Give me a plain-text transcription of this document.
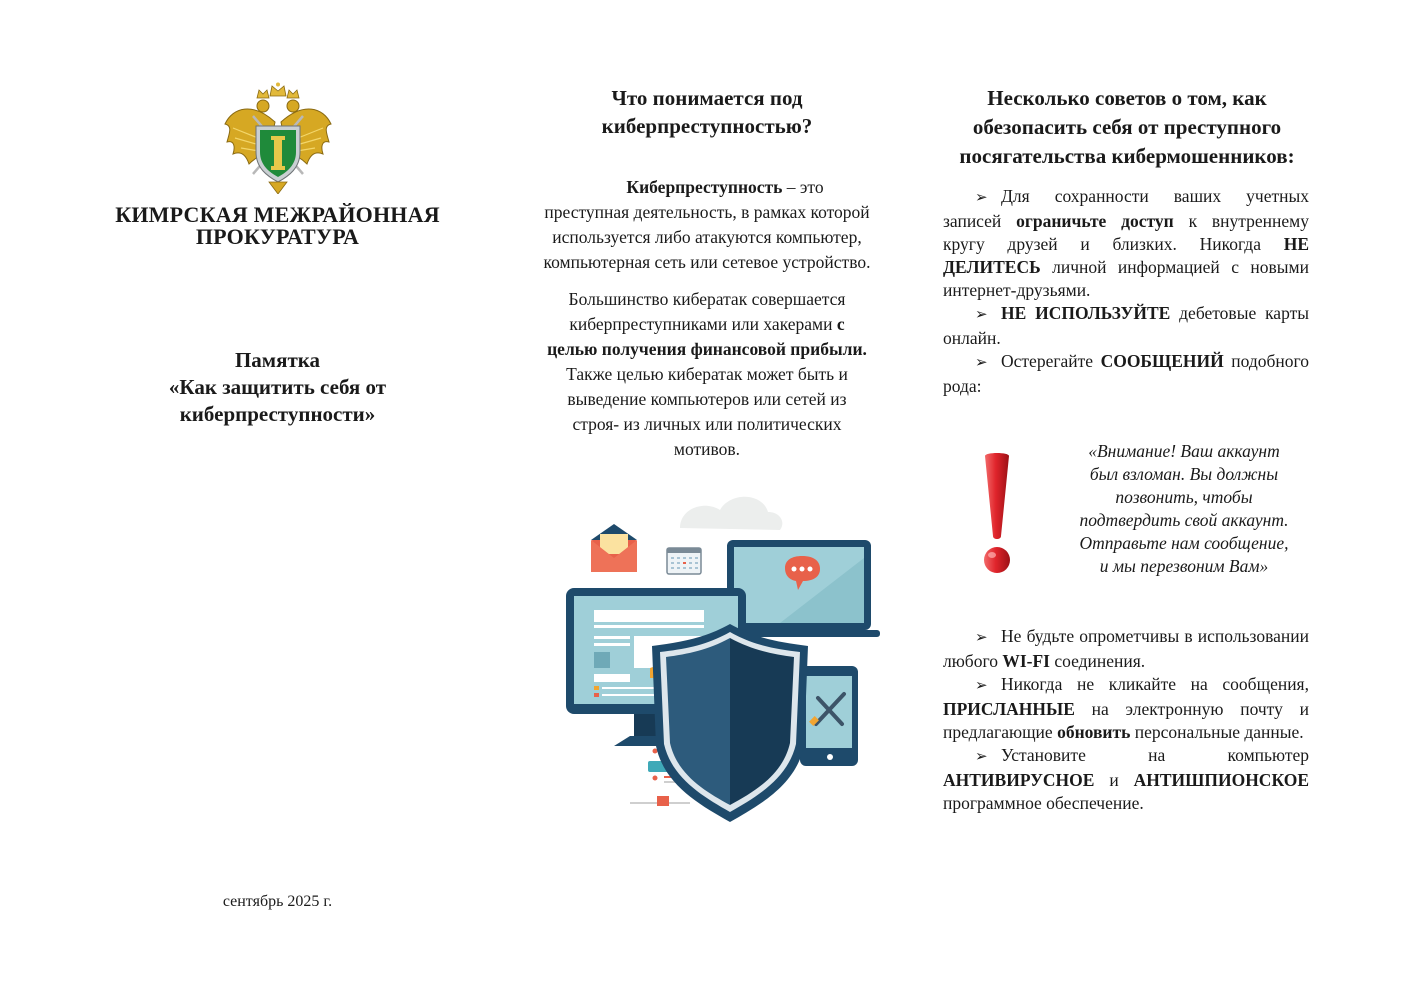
КИМРСКАЯ МЕЖРАЙОННАЯ
ПРОКУРАТУРА
Памятка
«Как защитить себя от
киберпреступности»
сентябрь 2025 г.
Что понимается под
киберпреступностью?
Киберпреступность – это
преступная деятельность, в рамках которой
используется либо атакуются компьютер,
компьютерная сеть или сетевое устройство.
Большинство кибератак совершается
киберпреступниками или хакерами с
целью получения финансовой прибыли.
Также целью кибератак может быть и
выведение компьютеров или сетей из
строя- из личных или политических
мотивов.
Несколько советов о том, как
обезопасить себя от преступного
посягательства кибермошенников:

➢ Для сохранности ваших учетных записей ограничьте доступ к внутреннему кругу друзей и близких. Никогда НЕ ДЕЛИТЕСЬ личной информацией с новыми интернет-друзьями.

➢ НЕ ИСПОЛЬЗУЙТЕ дебетовые карты онлайн.

➢ Остерегайте СООБЩЕНИЙ подобного рода:

«Внимание! Ваш аккаунт
был взломан. Вы должны
позвонить, чтобы
подтвердить свой аккаунт.
Отправьте нам сообщение,
и мы перезвоним Вам»

➢ Не будьте опрометчивы в использовании любого WI-FI соединения.

➢ Никогда не кликайте на сообщения, ПРИСЛАННЫЕ на электронную почту и предлагающие обновить персональные данные.

➢ Установите на компьютер АНТИВИРУСНОЕ и АНТИШПИОНСКОЕ программное обеспечение.
